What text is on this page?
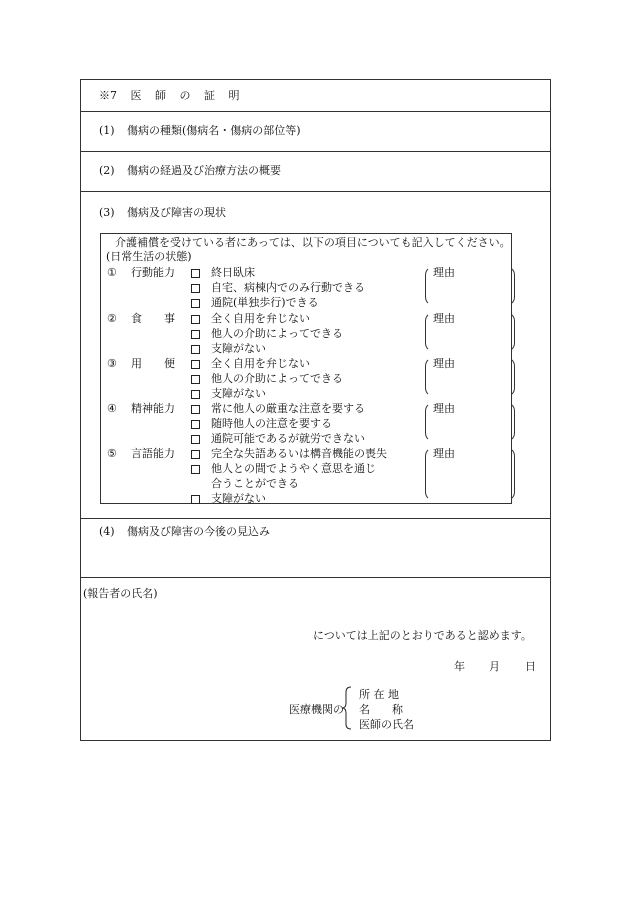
※7 医 師 の 証 明
(1) 傷病の種類(傷病名・傷病の部位等)
(2) 傷病の経過及び治療方法の概要
(3) 傷病及び障害の現状
介護補償を受けている者にあっては、以下の項目についても記入してください。
(日常生活の状態)
① 行動能力	終日臥床
自宅、病棟内でのみ行動できる
通院(単独歩行)できる
理由
② 食　　事	全く自用を弁じない
他人の介助によってできる
支障がない
理由
③ 用　　便	全く自用を弁じない
他人の介助によってできる
支障がない
理由
④ 精神能力	常に他人の厳重な注意を要する
随時他人の注意を要する
通院可能であるが就労できない
理由
⑤ 言語能力	完全な失語あるいは構音機能の喪失
他人との間でようやく意思を通じ
合うことができる
支障がない
理由
(4) 傷病及び障害の今後の見込み
(報告者の氏名)
については上記のとおりであると認めます。
年 月 日
医療機関の
所 在 地
名　　称
医師の氏名
